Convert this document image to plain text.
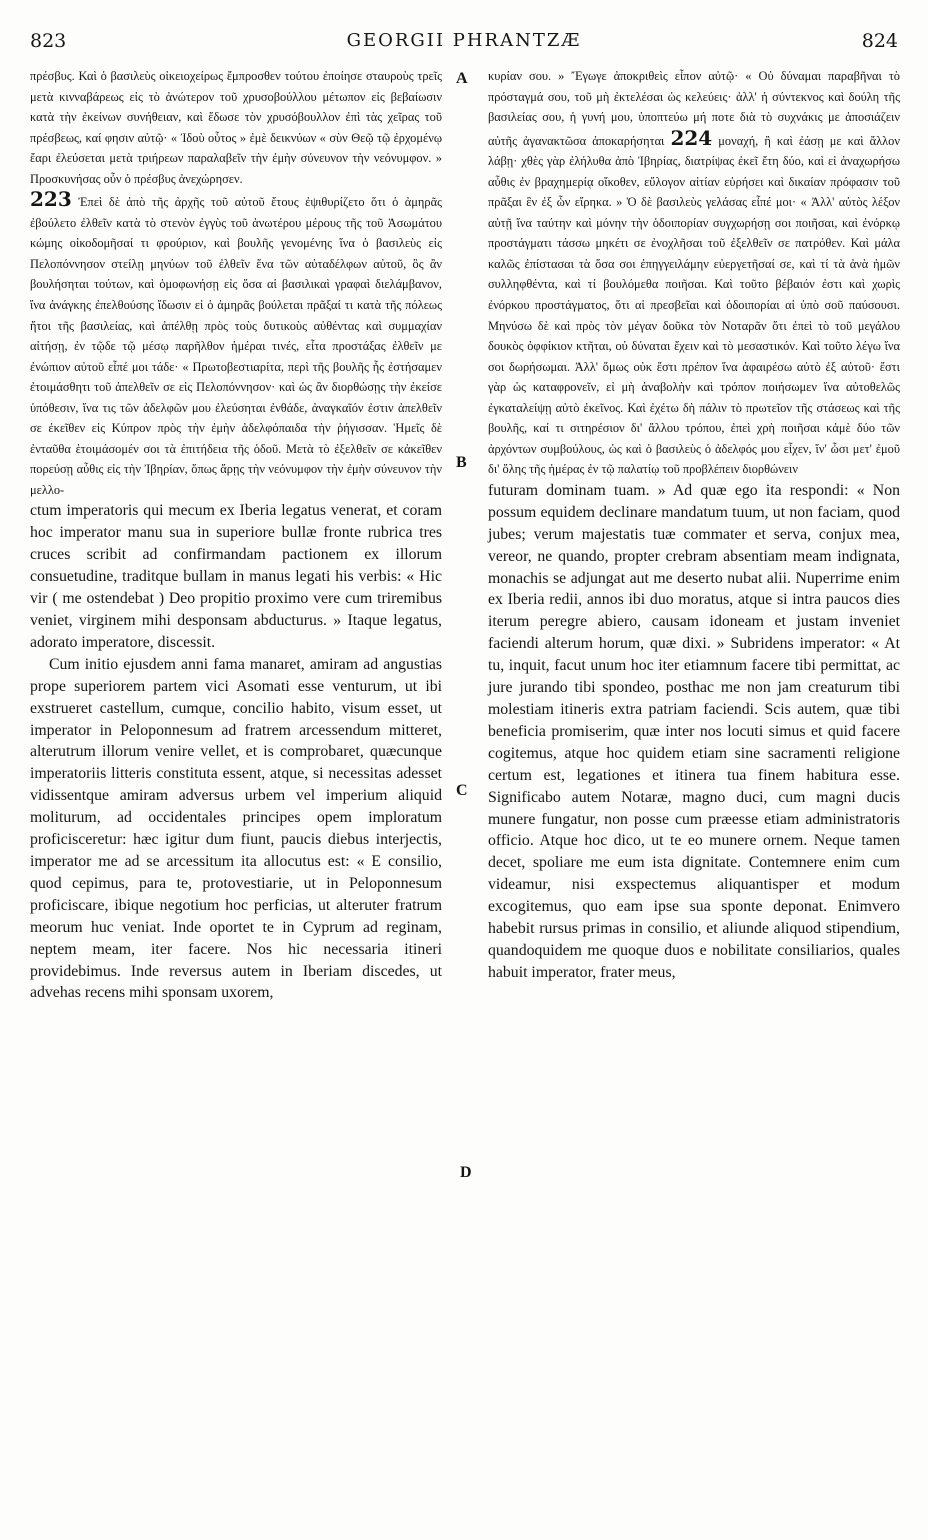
823	GEORGII PHRANTZÆ	824

πρέσβυς. Καὶ ὁ βασιλεὺς οἰκειοχείρως ἔμπροσθεν τούτου ἐποίησε σταυροὺς τρεῖς μετὰ κινναβάρεως εἰς τὸ ἀνώτερον τοῦ χρυσοβούλλου μέτωπον εἰς βεβαίωσιν κατὰ τὴν ἐκείνων συνήθειαν, καὶ ἔδωσε τὸν χρυσόβουλλον ἐπὶ τὰς χεῖρας τοῦ πρέσβεως, καί φησιν αὐτῷ· « Ἰδοὺ οὗτος » ἐμὲ δεικνύων « σὺν Θεῷ τῷ ἐρχομένῳ ἔαρι ἐλεύσεται μετὰ τριήρεων παραλαβεῖν τὴν ἐμὴν σύνευνον τὴν νεόνυμφον. » Προσκυνήσας οὖν ὁ πρέσβυς ἀνεχώρησεν.

223 Ἐπεὶ δὲ ἀπὸ τῆς ἀρχῆς τοῦ αὐτοῦ ἔτους ἐψιθυρίζετο ὅτι ὁ ἀμηρᾶς ἐβούλετο ἐλθεῖν κατὰ τὸ στενὸν ἐγγὺς τοῦ ἀνωτέρου μέρους τῆς τοῦ Ἀσωμάτου κώμης οἰκοδομῆσαί τι φρούριον, καὶ βουλῆς γενομένης ἵνα ὁ βασιλεὺς εἰς Πελοπόννησον στείλῃ μηνύων τοῦ ἐλθεῖν ἕνα τῶν αὐταδέλφων αὐτοῦ, ὃς ἂν βουλήσηται τούτων, καὶ ὁμοφωνήσῃ εἰς ὅσα αἱ βασιλικαὶ γραφαὶ διελάμβανον, ἵνα ἀνάγκης ἐπελθούσης ἴδωσιν εἰ ὁ ἀμηρᾶς βούλεται πρᾶξαί τι κατὰ τῆς πόλεως ἤτοι τῆς βασιλείας, καὶ ἀπέλθῃ πρὸς τοὺς δυτικοὺς αὐθέντας καὶ συμμαχίαν αἰτήσῃ, ἐν τῷδε τῷ μέσῳ παρῆλθον ἡμέραι τινές, εἶτα προστάξας ἐλθεῖν με ἐνώπιον αὐτοῦ εἶπέ μοι τάδε· « Πρωτοβεστιαρίτα, περὶ τῆς βουλῆς ἧς ἐστήσαμεν ἐτοιμάσθητι τοῦ ἀπελθεῖν σε εἰς Πελοπόννησον· καὶ ὡς ἂν διορθώσῃς τὴν ἐκείσε ὑπόθεσιν, ἵνα τις τῶν ἀδελφῶν μου ἐλεύσηται ἐνθάδε, ἀναγκαῖόν ἐστιν ἀπελθεῖν σε ἐκεῖθεν εἰς Κύπρον πρὸς τὴν ἐμὴν ἀδελφόπαιδα τὴν ῥήγισσαν. Ἡμεῖς δὲ ἐνταῦθα ἑτοιμάσομέν σοι τὰ ἐπιτήδεια τῆς ὁδοῦ. Μετὰ τὸ ἐξελθεῖν σε κἀκεῖθεν πορεύσῃ αὖθις εἰς τὴν Ἰβηρίαν, ὅπως ἄρῃς τὴν νεόνυμφον τὴν ἐμὴν σύνευνον τὴν μελλο-

ctum imperatoris qui mecum ex Iberia legatus venerat, et coram hoc imperator manu sua in superiore bullæ fronte rubrica tres cruces scribit ad confirmandam pactionem ex illorum consuetudine, traditque bullam in manus legati his verbis: « Hic vir ( me ostendebat ) Deo propitio proximo vere cum triremibus veniet, virginem mihi desponsam abducturus. » Itaque legatus, adorato imperatore, discessit.

Cum initio ejusdem anni fama manaret, amiram ad angustias prope superiorem partem vici Asomati esse venturum, ut ibi exstrueret castellum, cumque, concilio habito, visum esset, ut imperator in Peloponnesum ad fratrem arcessendum mitteret, alterutrum illorum venire vellet, et is comprobaret, quæcunque imperatoriis litteris constituta essent, atque, si necessitas adesset vidissentque amiram adversus urbem vel imperium aliquid moliturum, ad occidentales principes opem imploratum proficisceretur: hæc igitur dum fiunt, paucis diebus interjectis, imperator me ad se arcessitum ita allocutus est: « E consilio, quod cepimus, para te, protovestiarie, ut in Peloponnesum proficiscare, ibique negotium hoc perficias, ut alteruter fratrum meorum huc veniat. Inde oportet te in Cyprum ad reginam, neptem meam, iter facere. Nos hic necessaria itineri providebimus. Inde reversus autem in Iberiam discedes, ut advehas recens mihi sponsam uxorem,

κυρίαν σου. » Ἔγωγε ἀποκριθεὶς εἶπον αὐτῷ· « Οὐ δύναμαι παραβῆναι τὸ πρόσταγμά σου, τοῦ μὴ ἐκτελέσαι ὡς κελεύεις· ἀλλ' ἡ σύντεκνος καὶ δούλη τῆς βασιλείας σου, ἡ γυνή μου, ὑποπτεύω μή ποτε διὰ τὸ συχνάκις με ἀποσιάζειν αὐτῆς ἀγανακτῶσα ἀποκαρήσηται 224 μοναχή, ἢ καὶ ἐάσῃ με καὶ ἄλλον λάβῃ· χθὲς γὰρ ἐλήλυθα ἀπὸ Ἰβηρίας, διατρίψας ἐκεῖ ἔτη δύο, καὶ εἰ ἀναχωρήσω αὖθις ἐν βραχημερίᾳ οἴκοθεν, εὔλογον αἰτίαν εὑρήσει καὶ δικαίαν πρόφασιν τοῦ πρᾶξαι ἓν ἐξ ὧν εἴρηκα. » Ὁ δὲ βασιλεὺς γελάσας εἶπέ μοι· « Ἀλλ' αὐτὸς λέξον αὐτῇ ἵνα ταύτην καὶ μόνην τὴν ὁδοιπορίαν συγχωρήσῃ σοι ποιῆσαι, καὶ ἐνόρκῳ προστάγματι τάσσω μηκέτι σε ἐνοχλῆσαι τοῦ ἐξελθεῖν σε πατρόθεν. Καὶ μάλα καλῶς ἐπίστασαι τὰ ὅσα σοι ἐπηγγειλάμην εὐεργετῆσαί σε, καὶ τί τὰ ἀνὰ ἡμῶν συλληφθέντα, καὶ τί βουλόμεθα ποιῆσαι. Καὶ τοῦτο βέβαιόν ἐστι καὶ χωρὶς ἐνόρκου προστάγματος, ὅτι αἱ πρεσβεῖαι καὶ ὁδοιπορίαι αἱ ὑπὸ σοῦ παύσουσι. Μηνύσω δὲ καὶ πρὸς τὸν μέγαν δοῦκα τὸν Νοταρᾶν ὅτι ἐπεὶ τὸ τοῦ μεγάλου δουκὸς ὀφφίκιον κτῆται, οὐ δύναται ἔχειν καὶ τὸ μεσαστικόν. Καὶ τοῦτο λέγω ἵνα σοι δωρήσωμαι. Ἀλλ' ὅμως οὐκ ἔστι πρέπον ἵνα ἀφαιρέσω αὐτὸ ἐξ αὐτοῦ· ἔστι γὰρ ὡς καταφρονεῖν, εἰ μὴ ἀναβολὴν καὶ τρόπον ποιήσωμεν ἵνα αὐτοθελῶς ἐγκαταλείψῃ αὐτὸ ἐκεῖνος. Καὶ ἐχέτω δὴ πάλιν τὸ πρωτεῖον τῆς στάσεως καὶ τῆς βουλῆς, καί τι σιτηρέσιον δι' ἄλλου τρόπου, ἐπεὶ χρὴ ποιῆσαι κἀμὲ δύο τῶν ἀρχόντων συμβούλους, ὡς καὶ ὁ βασιλεὺς ὁ ἀδελφός μου εἶχεν, ἵν' ὦσι μετ' ἐμοῦ δι' ὅλης τῆς ἡμέρας ἐν τῷ παλατίῳ τοῦ προβλέπειν διορθώνειν

futuram dominam tuam. » Ad quæ ego ita respondi: « Non possum equidem declinare mandatum tuum, ut non faciam, quod jubes; verum majestatis tuæ commater et serva, conjux mea, vereor, ne quando, propter crebram absentiam meam indignata, monachis se adjungat aut me deserto nubat alii. Nuperrime enim ex Iberia redii, annos ibi duo moratus, atque si intra paucos dies iterum peregre abiero, causam idoneam et justam inveniet faciendi alterum horum, quæ dixi. » Subridens imperator: « At tu, inquit, facut unum hoc iter etiamnum facere tibi permittat, ac jure jurando tibi spondeo, posthac me non jam creaturum tibi molestiam itineris extra patriam faciendi. Scis autem, quæ tibi beneficia promiserim, quæ inter nos locuti simus et quid facere cogitemus, atque hoc quidem etiam sine sacramenti religione certum est, legationes et itinera tua finem habitura esse. Significabo autem Notaræ, magno duci, cum magni ducis munere fungatur, non posse cum præesse etiam administratoris officio. Atque hoc dico, ut te eo munere ornem. Neque tamen decet, spoliare me eum ista dignitate. Contemnere enim cum videamur, nisi exspectemus aliquantisper et modum excogitemus, quo eam ipse sua sponte deponat. Enimvero habebit rursus primas in consilio, et aliunde aliquod stipendium, quandoquidem me quoque duos e nobilitate consiliarios, quales habuit imperator, frater meus,

A
B
C
D
